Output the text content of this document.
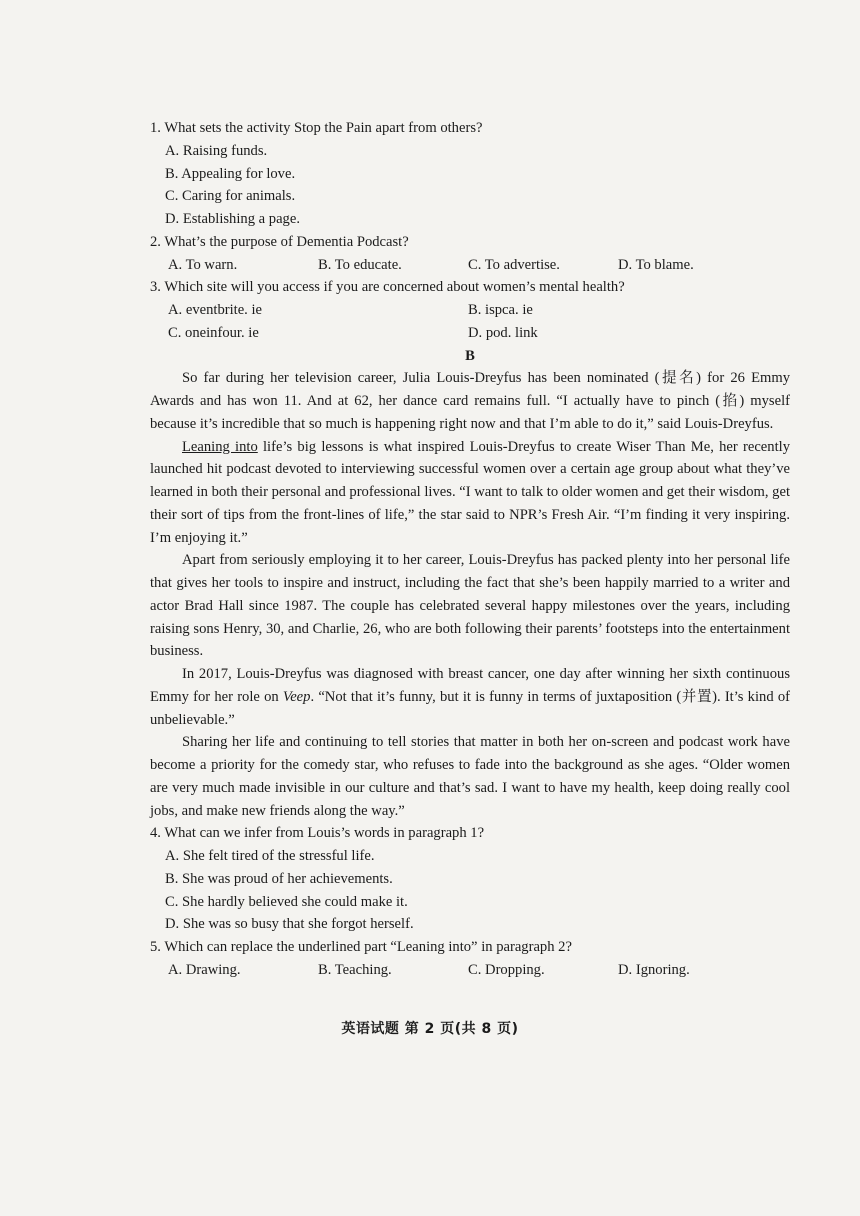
1. What sets the activity Stop the Pain apart from others?

A. Raising funds.

B. Appealing for love.

C. Caring for animals.

D. Establishing a page.

2. What’s the purpose of Dementia Podcast?

A. To warn.	B. To educate.	C. To advertise.	D. To blame.

3. Which site will you access if you are concerned about women’s mental health?

A. eventbrite. ie	B. ispca. ie
C. oneinfour. ie	D. pod. link

B

So far during her television career, Julia Louis-Dreyfus has been nominated (提名) for 26 Emmy Awards and has won 11. And at 62, her dance card remains full. “I actually have to pinch (掐) myself because it’s incredible that so much is happening right now and that I’m able to do it,” said Louis-Dreyfus.

Leaning into life’s big lessons is what inspired Louis-Dreyfus to create Wiser Than Me, her recently launched hit podcast devoted to interviewing successful women over a certain age group about what they’ve learned in both their personal and professional lives. “I want to talk to older women and get their wisdom, get their sort of tips from the front-lines of life,” the star said to NPR’s Fresh Air. “I’m finding it very inspiring. I’m enjoying it.”

Apart from seriously employing it to her career, Louis-Dreyfus has packed plenty into her personal life that gives her tools to inspire and instruct, including the fact that she’s been happily married to a writer and actor Brad Hall since 1987. The couple has celebrated several happy milestones over the years, including raising sons Henry, 30, and Charlie, 26, who are both following their parents’ footsteps into the entertainment business.

In 2017, Louis-Dreyfus was diagnosed with breast cancer, one day after winning her sixth continuous Emmy for her role on Veep. “Not that it’s funny, but it is funny in terms of juxtaposition (并置). It’s kind of unbelievable.”

Sharing her life and continuing to tell stories that matter in both her on-screen and podcast work have become a priority for the comedy star, who refuses to fade into the background as she ages. “Older women are very much made invisible in our culture and that’s sad. I want to have my health, keep doing really cool jobs, and make new friends along the way.”

4. What can we infer from Louis’s words in paragraph 1?

A. She felt tired of the stressful life.

B. She was proud of her achievements.

C. She hardly believed she could make it.

D. She was so busy that she forgot herself.

5. Which can replace the underlined part “Leaning into” in paragraph 2?

A. Drawing.	B. Teaching.	C. Dropping.	D. Ignoring.
英语试题 第 2 页(共 8 页)
